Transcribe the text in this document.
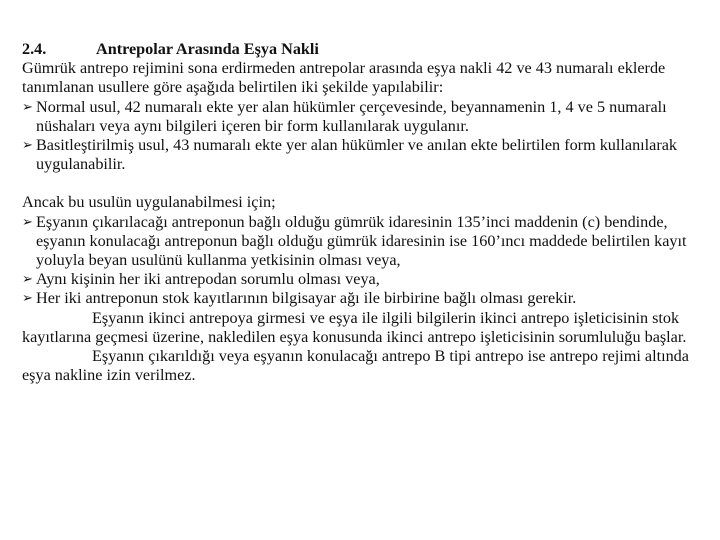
2.4.	Antrepolar Arasında Eşya Nakli

Gümrük antrepo rejimini sona erdirmeden antrepolar arasında eşya nakli 42 ve 43 numaralı eklerde tanımlanan usullere göre aşağıda belirtilen iki şekilde yapılabilir:

➢ Normal usul, 42 numaralı ekte yer alan hükümler çerçevesinde, beyannamenin 1, 4 ve 5 numaralı nüshaları veya aynı bilgileri içeren bir form kullanılarak uygulanır.
➢ Basitleştirilmiş usul, 43 numaralı ekte yer alan hükümler ve anılan ekte belirtilen form kullanılarak uygulanabilir.

Ancak bu usulün uygulanabilmesi için;

➢ Eşyanın çıkarılacağı antreponun bağlı olduğu gümrük idaresinin 135’inci maddenin (c) bendinde, eşyanın konulacağı antreponun bağlı olduğu gümrük idaresinin ise 160’ıncı maddede belirtilen kayıt yoluyla beyan usulünü kullanma yetkisinin olması veya,
➢ Aynı kişinin her iki antrepodan sorumlu olması veya,
➢ Her iki antreponun stok kayıtlarının bilgisayar ağı ile birbirine bağlı olması gerekir.

Eşyanın ikinci antrepoya girmesi ve eşya ile ilgili bilgilerin ikinci antrepo işleticisinin stok kayıtlarına geçmesi üzerine, nakledilen eşya konusunda ikinci antrepo işleticisinin sorumluluğu başlar.

Eşyanın çıkarıldığı veya eşyanın konulacağı antrepo B tipi antrepo ise antrepo rejimi altında eşya nakline izin verilmez.
